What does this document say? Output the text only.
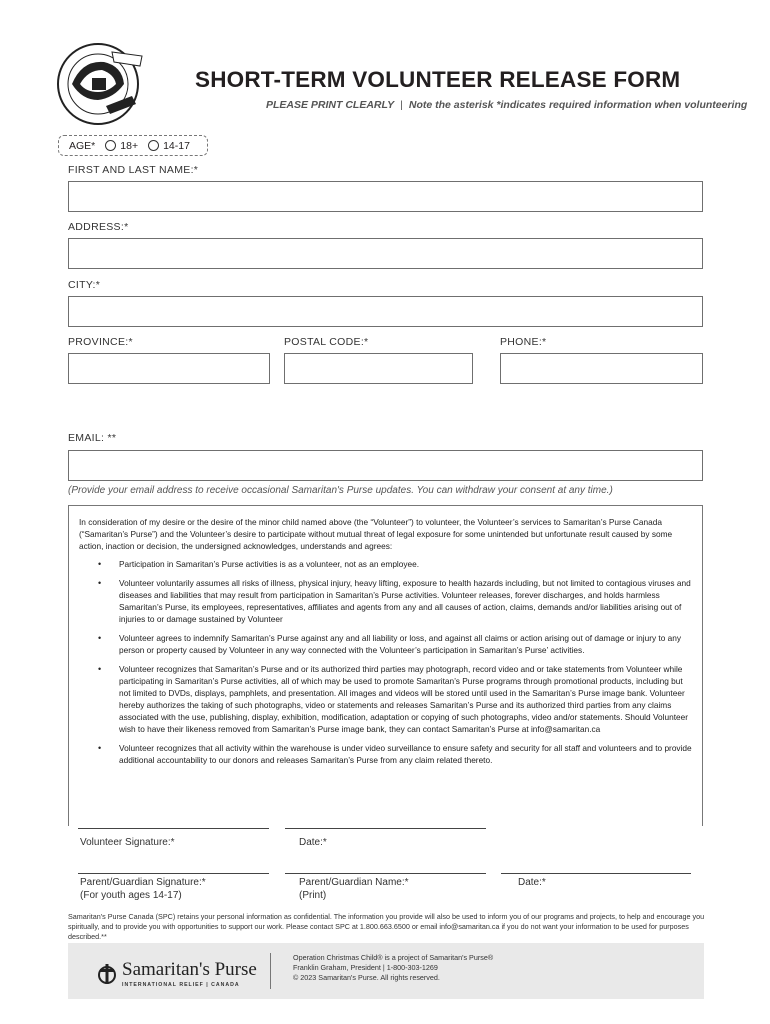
SHORT-TERM VOLUNTEER RELEASE FORM
PLEASE PRINT CLEARLY | Note the asterisk *indicates required information when volunteering
AGE* 18+ 14-17
FIRST AND LAST NAME:*
ADDRESS:*
CITY:*
PROVINCE:*	POSTAL CODE:*	PHONE:*
EMAIL: **
(Provide your email address to receive occasional Samaritan's Purse updates. You can withdraw your consent at any time.)

In consideration of my desire or the desire of the minor child named above (the “Volunteer”) to volunteer, the Volunteer’s services to Samaritan’s Purse Canada (“Samaritan’s Purse”) and the Volunteer’s desire to participate without mutual threat of legal exposure for some unintended but unfortunate result caused by some action, inaction or decision, the undersigned acknowledges, understands and agrees:

• Participation in Samaritan’s Purse activities is as a volunteer, not as an employee.
• Volunteer voluntarily assumes all risks of illness, physical injury, heavy lifting, exposure to health hazards including, but not limited to contagious viruses and diseases and liabilities that may result from participation in Samaritan’s Purse activities. Volunteer releases, forever discharges, and holds harmless Samaritan’s Purse, its employees, representatives, affiliates and agents from any and all causes of action, claims, demands and/or liabilities arising out of injuries to or damage sustained by Volunteer
• Volunteer agrees to indemnify Samaritan’s Purse against any and all liability or loss, and against all claims or action arising out of damage or injury to any person or property caused by Volunteer in any way connected with the Volunteer’s participation in Samaritan’s Purse’ activities.
• Volunteer recognizes that Samaritan’s Purse and or its authorized third parties may photograph, record video and or take statements from Volunteer while participating in Samaritan’s Purse activities, all of which may be used to promote Samaritan’s Purse programs through promotional products, including but not limited to DVDs, displays, pamphlets, and presentation. All images and videos will be stored until used in the Samaritan’s Purse image bank. Volunteer hereby authorizes the taking of such photographs, video or statements and releases Samaritan’s Purse and its authorized third parties from any claims associated with the use, publishing, display, exhibition, modification, adaptation or copying of such photographs, video and/or statements. Should Volunteer wish to have their likeness removed from Samaritan’s Purse image bank, they can contact Samaritan’s Purse at info@samaritan.ca
• Volunteer recognizes that all activity within the warehouse is under video surveillance to ensure safety and security for all staff and volunteers and to provide additional accountability to our donors and releases Samaritan’s Purse from any claim related thereto.
Volunteer Signature:*	Date:*
Parent/Guardian Signature:*
(For youth ages 14-17)
Parent/Guardian Name:*
(Print)
Date:*
Samaritan's Purse Canada (SPC) retains your personal information as confidential. The information you provide will also be used to inform you of our programs and projects, to help and encourage you spiritually, and to provide you with opportunities to support our work. Please contact SPC at 1.800.663.6500 or email info@samaritan.ca if you do not want your information to be used for purposes described.**
Samaritan's Purse
INTERNATIONAL RELIEF | CANADA
Operation Christmas Child® is a project of Samaritan's Purse®
Franklin Graham, President | 1-800-303-1269
© 2023 Samaritan's Purse. All rights reserved.
